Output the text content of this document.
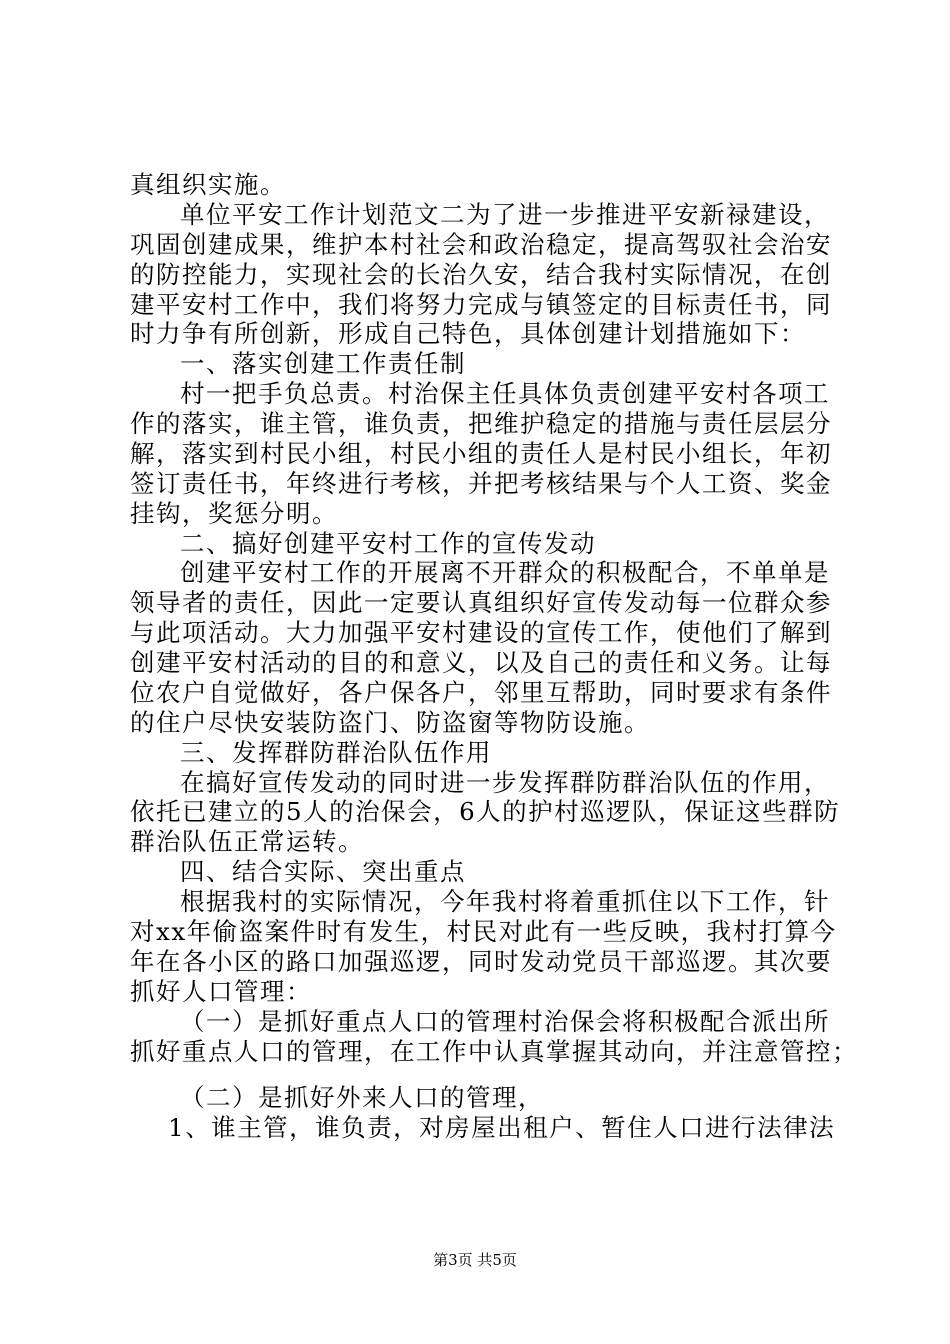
真组织实施。
单位平安工作计划范文二为了进一步推进平安新禄建设，
巩固创建成果，维护本村社会和政治稳定，提高驾驭社会治安
的防控能力，实现社会的长治久安，结合我村实际情况，在创
建平安村工作中，我们将努力完成与镇签定的目标责任书，同
时力争有所创新，形成自己特色，具体创建计划措施如下：
一、落实创建工作责任制
村一把手负总责。村治保主任具体负责创建平安村各项工
作的落实，谁主管，谁负责，把维护稳定的措施与责任层层分
解，落实到村民小组，村民小组的责任人是村民小组长，年初
签订责任书，年终进行考核，并把考核结果与个人工资、奖金
挂钩，奖惩分明。
二、搞好创建平安村工作的宣传发动
创建平安村工作的开展离不开群众的积极配合，不单单是
领导者的责任，因此一定要认真组织好宣传发动每一位群众参
与此项活动。大力加强平安村建设的宣传工作，使他们了解到
创建平安村活动的目的和意义，以及自己的责任和义务。让每
位农户自觉做好，各户保各户，邻里互帮助，同时要求有条件
的住户尽快安装防盗门、防盗窗等物防设施。
三、发挥群防群治队伍作用
在搞好宣传发动的同时进一步发挥群防群治队伍的作用，
依托已建立的5人的治保会，6人的护村巡逻队，保证这些群防
群治队伍正常运转。
四、结合实际、突出重点
根据我村的实际情况，今年我村将着重抓住以下工作，针
对xx年偷盗案件时有发生，村民对此有一些反映，我村打算今
年在各小区的路口加强巡逻，同时发动党员干部巡逻。其次要
抓好人口管理：
（一）是抓好重点人口的管理村治保会将积极配合派出所
抓好重点人口的管理，在工作中认真掌握其动向，并注意管控；
（二）是抓好外来人口的管理，
1、谁主管，谁负责，对房屋出租户、暂住人口进行法律法
第3页 共5页
